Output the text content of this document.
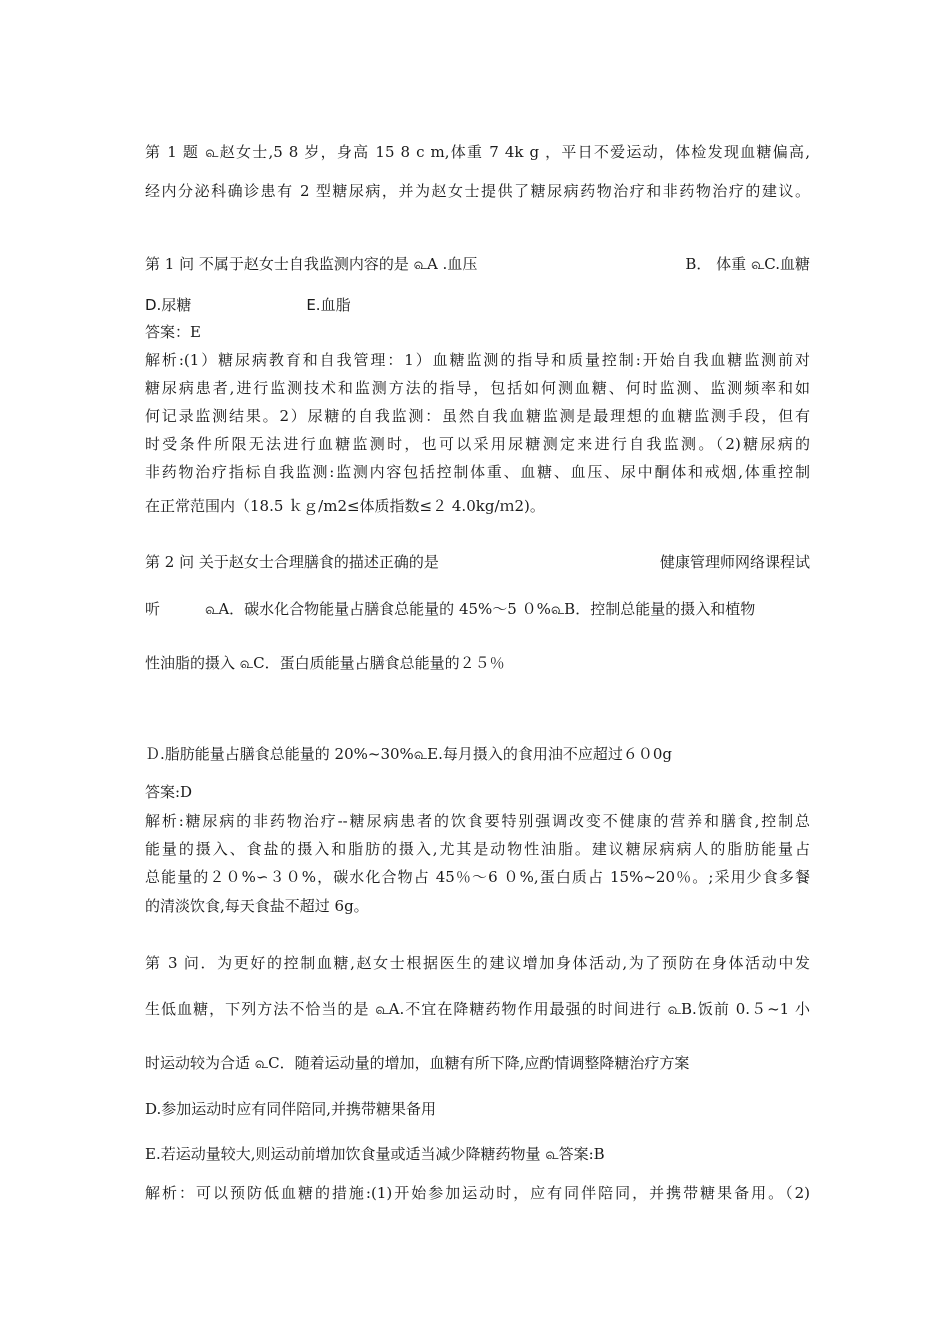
第 1 题 ௳赵女士,5 8 岁，身高 15 8 c m,体重 7 4k g ，平日不爱运动，体检发现血糖偏高,
经内分泌科确诊患有 2 型糖尿病，并为赵女士提供了糖尿病药物治疗和非药物治疗的建议。
第 1 问 不属于赵女士自我监测内容的是 ௳A .血压	B． 体重 ௳C.血糖
D.尿糖	E.血脂
答案：E
解析:(1）糖尿病教育和自我管理：1）血糖监测的指导和质量控制:开始自我血糖监测前对
糖尿病患者,进行监测技术和监测方法的指导，包括如何测血糖、何时监测、监测频率和如
何记录监测结果。2）尿糖的自我监测：虽然自我血糖监测是最理想的血糖监测手段，但有
时受条件所限无法进行血糖监测时，也可以采用尿糖测定来进行自我监测。（2)糖尿病的
非药物治疗指标自我监测:监测内容包括控制体重、血糖、血压、尿中酮体和戒烟,体重控制
在正常范围内（18.5 ｋｇ/m2≤体质指数≤２ 4.0kg/ｍ2)。
第 2 问 关于赵女士合理膳食的描述正确的是	健康管理师网络课程试
听	௳A．碳水化合物能量占膳食总能量的 45%～5 ０%௳B．控制总能量的摄入和植物
性油脂的摄入 ௳C．蛋白质能量占膳食总能量的２５％
Ｄ.脂肪能量占膳食总能量的 20%~30%௳E.每月摄入的食用油不应超过６０0g
答案:D
解析:糖尿病的非药物治疗--糖尿病患者的饮食要特别强调改变不健康的营养和膳食,控制总
能量的摄入、食盐的摄入和脂肪的摄入,尤其是动物性油脂。建议糖尿病病人的脂肪能量占
总能量的２０%∽３０%，碳水化合物占 45％～6 ０%,蛋白质占 15%~20％。;采用少食多餐
的清淡饮食,每天食盐不超过 6g。
第 3 问．为更好的控制血糖,赵女士根据医生的建议增加身体活动,为了预防在身体活动中发
生低血糖，下列方法不恰当的是 ௳A.不宜在降糖药物作用最强的时间进行 ௳B.饭前 0.５~1 小
时运动较为合适 ௳C．随着运动量的增加，血糖有所下降,应酌情调整降糖治疗方案
D.参加运动时应有同伴陪同,并携带糖果备用
E.若运动量较大,则运动前增加饮食量或适当减少降糖药物量 ௳答案:B
解析：可以预防低血糖的措施:(1)开始参加运动时，应有同伴陪同，并携带糖果备用。（2)
